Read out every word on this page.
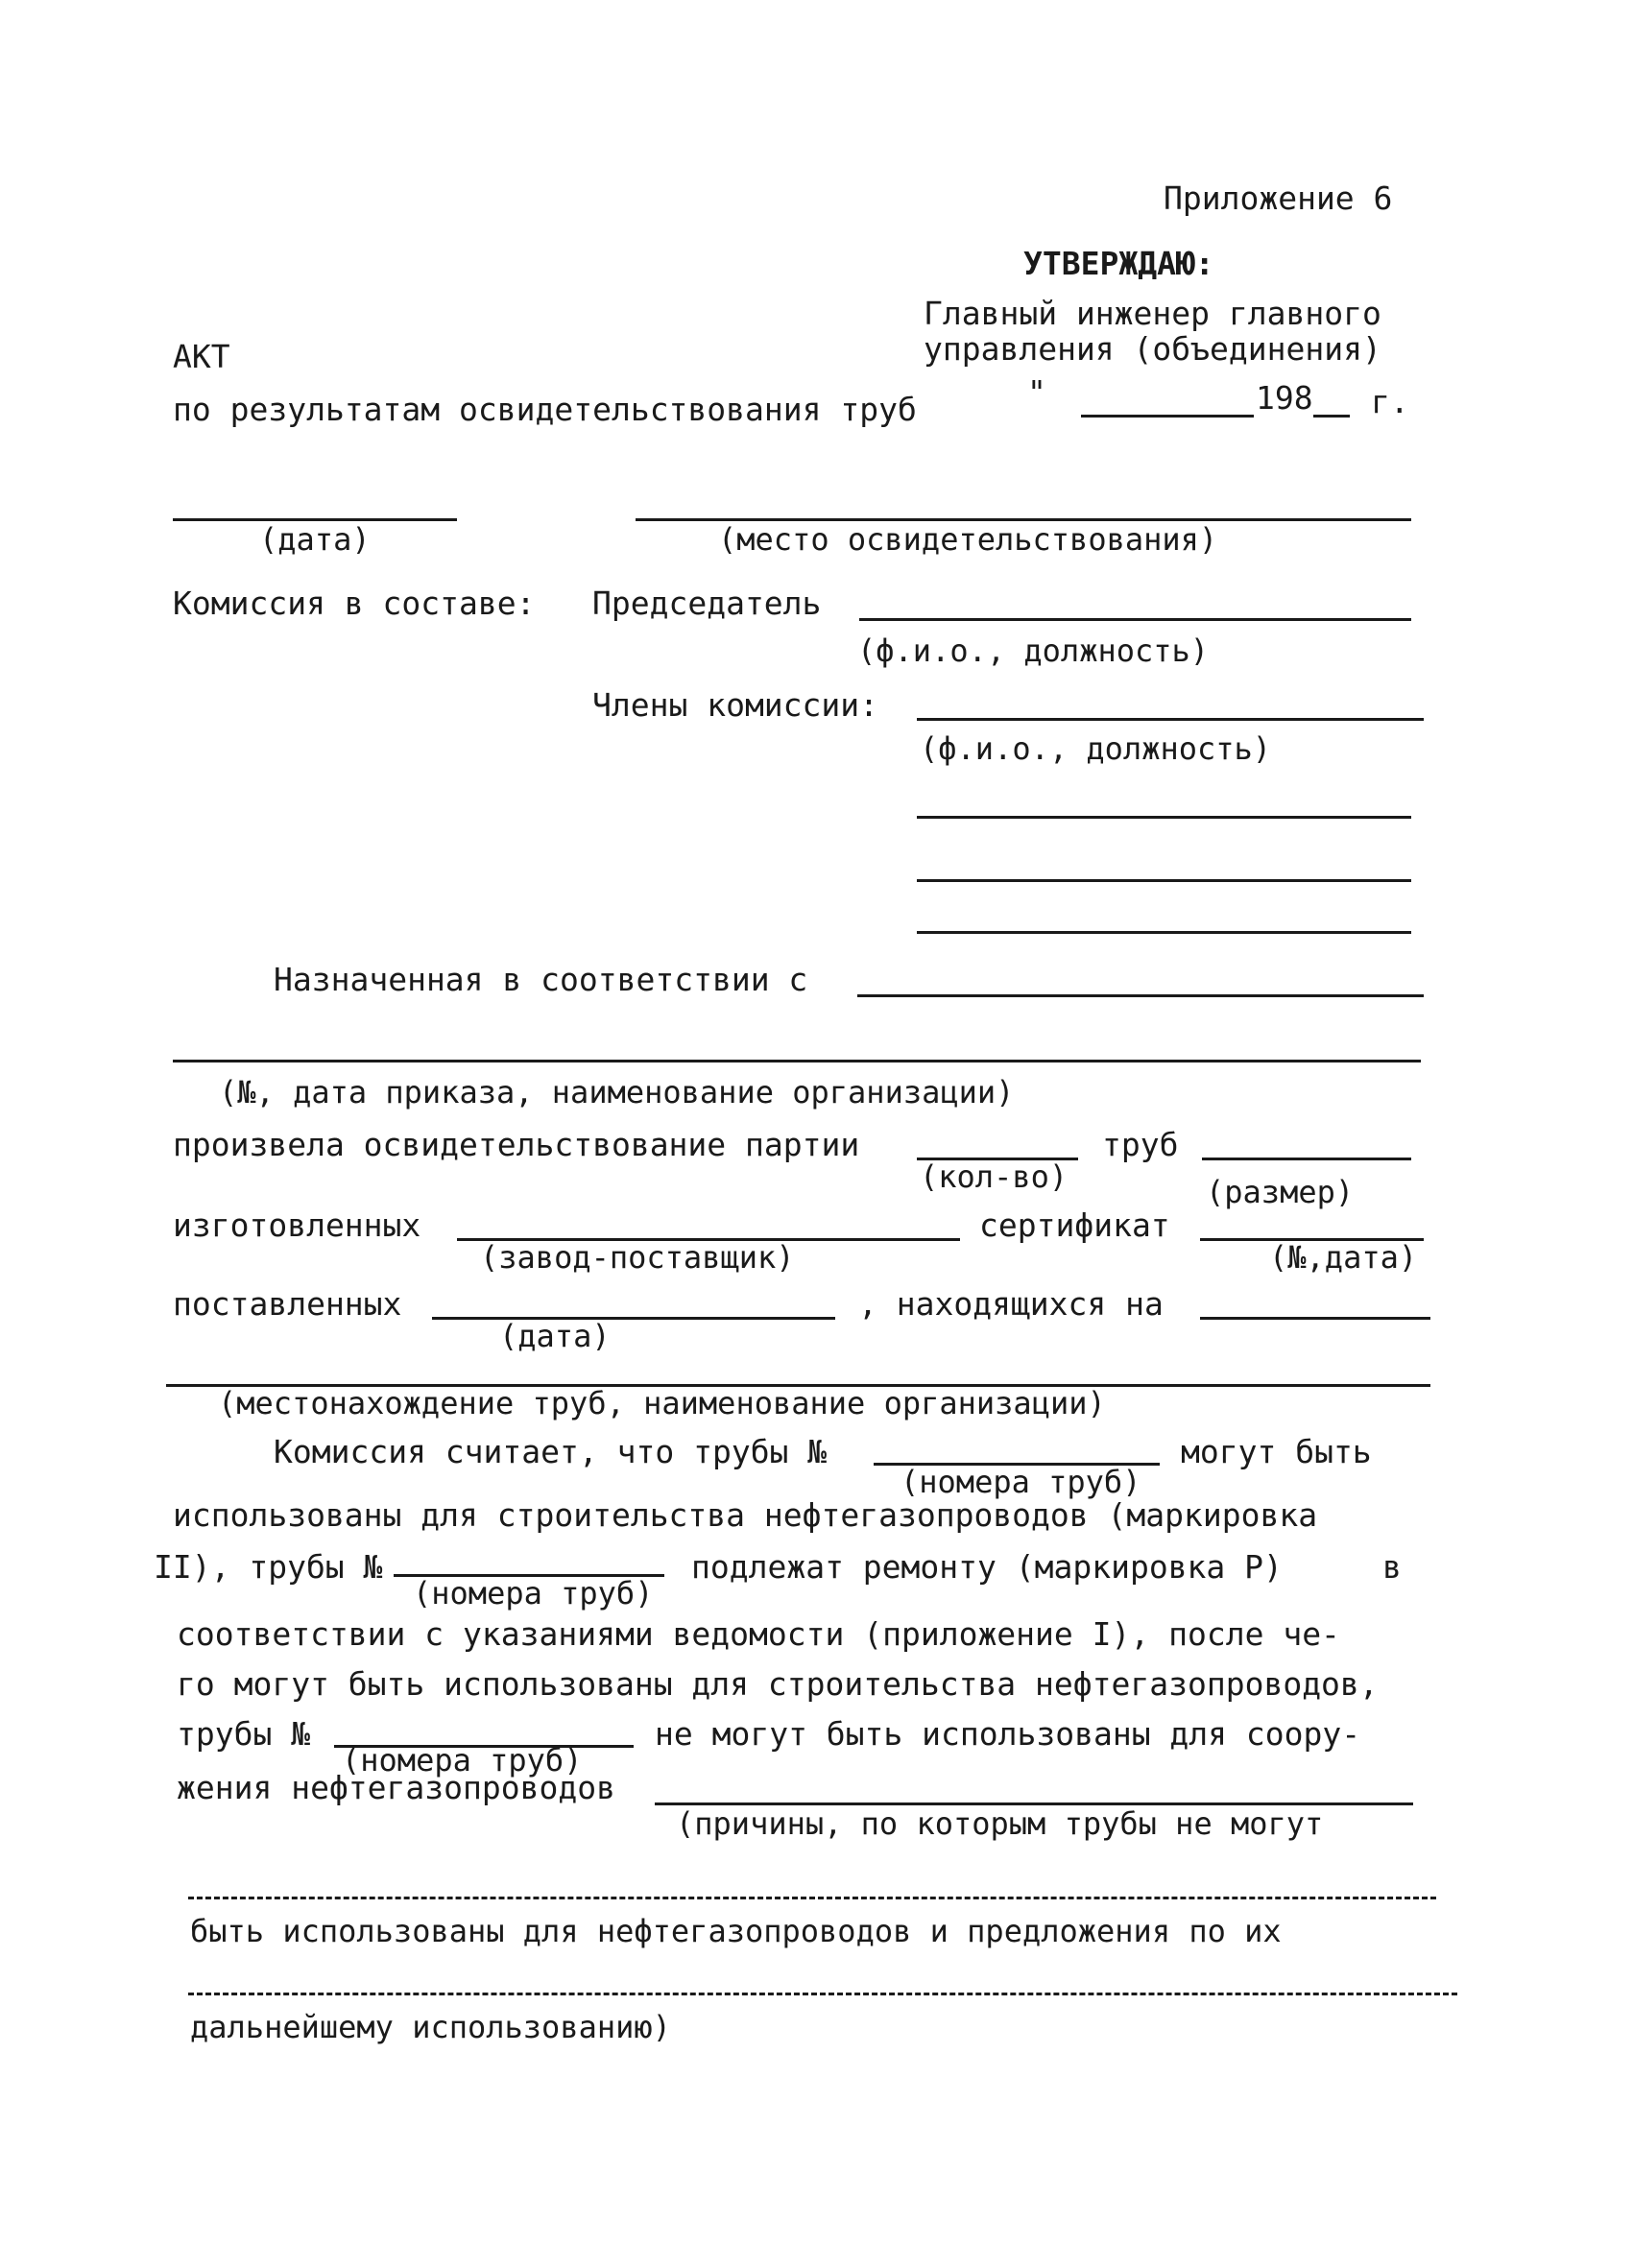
Приложение 6
УТВЕРЖДАЮ:
Главный инженер главного
управления (объединения)
"	198 г.
АКТ
по результатам освидетельствования труб
(дата)	(место освидетельствования)
Комиссия в составе: Председатель
(ф.и.о., должность)
Члены комиссии:
(ф.и.о., должность)
Назначенная в соответствии с
(№, дата приказа, наименование организации)
произвела освидетельствование партии
(кол-во)
труб
(размер)
изготовленных
(завод-поставщик)
сертификат
(№,дата)
поставленных
(дата)
, находящихся на
(местонахождение труб, наименование организации)
Комиссия считает, что трубы №
(номера труб)
могут быть
использованы для строительства нефтегазопроводов (маркировка
II), трубы №
(номера труб)
подлежат ремонту (маркировка Р)	в
соответствии с указаниями ведомости (приложение I), после че-
го могут быть использованы для строительства нефтегазопроводов,
трубы №
(номера труб)
не могут быть использованы для соору-
жения нефтегазопроводов
(причины, по которым трубы не могут
быть использованы для нефтегазопроводов и предложения по их
дальнейшему использованию)
